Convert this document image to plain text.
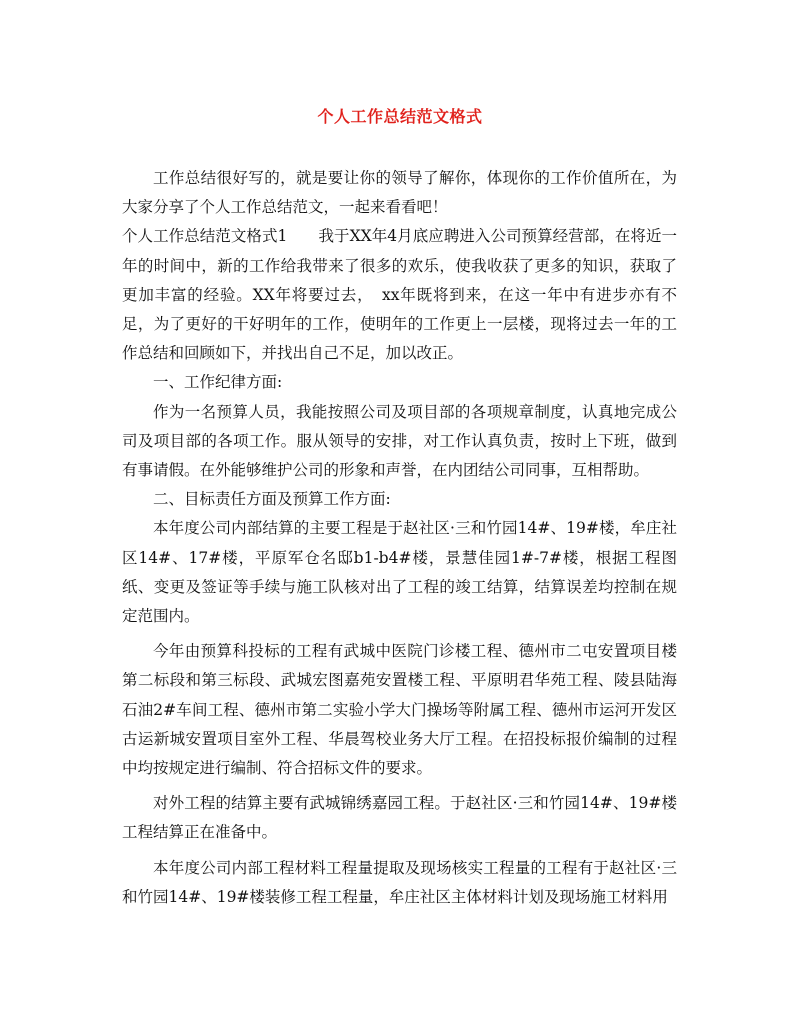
个人工作总结范文格式

工作总结很好写的，就是要让你的领导了解你，体现你的工作价值所在，为大家分享了个人工作总结范文，一起来看看吧！

个人工作总结范文格式1　　我于XX年4月底应聘进入公司预算经营部，在将近一年的时间中，新的工作给我带来了很多的欢乐，使我收获了更多的知识，获取了更加丰富的经验。XX年将要过去，　xx年既将到来，在这一年中有进步亦有不足，为了更好的干好明年的工作，使明年的工作更上一层楼，现将过去一年的工作总结和回顾如下，并找出自己不足，加以改正。

一、工作纪律方面:

作为一名预算人员，我能按照公司及项目部的各项规章制度，认真地完成公司及项目部的各项工作。服从领导的安排，对工作认真负责，按时上下班，做到有事请假。在外能够维护公司的形象和声誉，在内团结公司同事，互相帮助。

二、目标责任方面及预算工作方面:

本年度公司内部结算的主要工程是于赵社区·三和竹园14#、19#楼，牟庄社区14#、17#楼，平原军仓名邸b1-b4#楼，景慧佳园1#-7#楼，根据工程图纸、变更及签证等手续与施工队核对出了工程的竣工结算，结算误差均控制在规定范围内。

今年由预算科投标的工程有武城中医院门诊楼工程、德州市二屯安置项目楼第二标段和第三标段、武城宏图嘉苑安置楼工程、平原明君华苑工程、陵县陆海石油2#车间工程、德州市第二实验小学大门操场等附属工程、德州市运河开发区古运新城安置项目室外工程、华晨驾校业务大厅工程。在招投标报价编制的过程中均按规定进行编制、符合招标文件的要求。

对外工程的结算主要有武城锦绣嘉园工程。于赵社区·三和竹园14#、19#楼工程结算正在准备中。

本年度公司内部工程材料工程量提取及现场核实工程量的工程有于赵社区·三和竹园14#、19#楼装修工程工程量，牟庄社区主体材料计划及现场施工材料用
